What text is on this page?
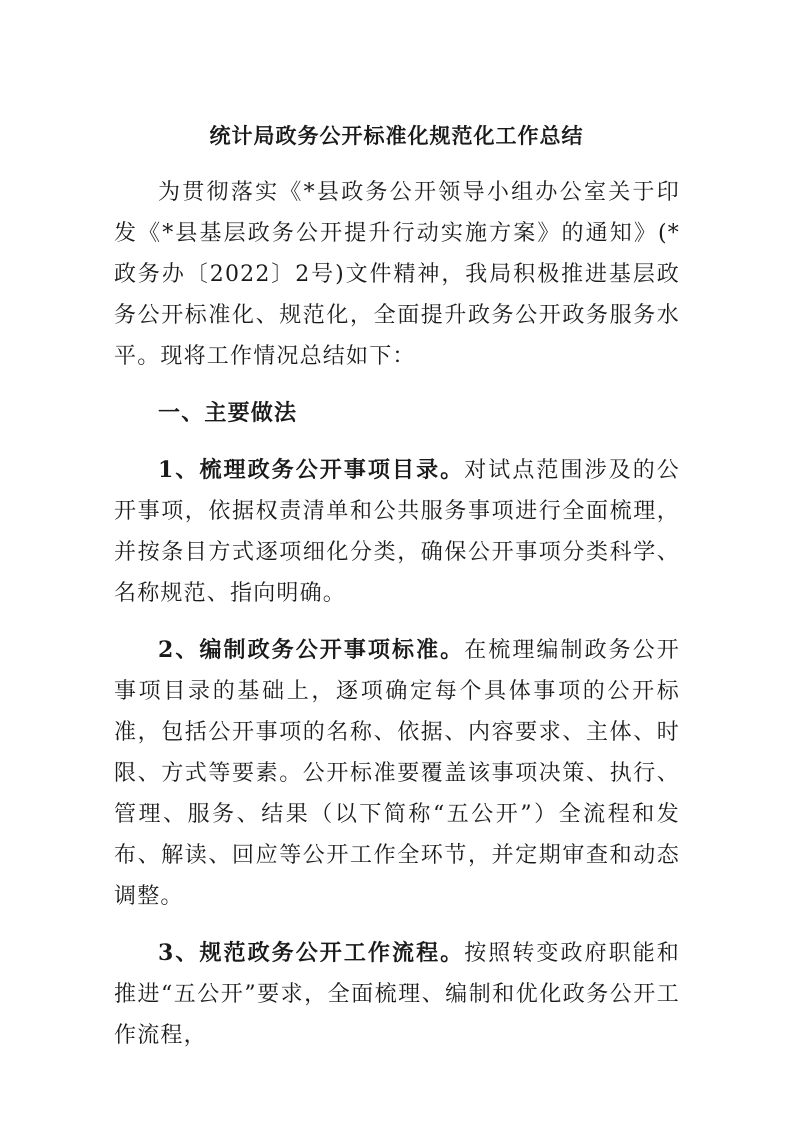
统计局政务公开标准化规范化工作总结

为贯彻落实《*县政务公开领导小组办公室关于印发《*县基层政务公开提升行动实施方案》的通知》(*政务办〔2022〕2号)文件精神，我局积极推进基层政务公开标准化、规范化，全面提升政务公开政务服务水平。现将工作情况总结如下：

一、主要做法

1、梳理政务公开事项目录。对试点范围涉及的公开事项，依据权责清单和公共服务事项进行全面梳理，并按条目方式逐项细化分类，确保公开事项分类科学、名称规范、指向明确。

2、编制政务公开事项标准。在梳理编制政务公开事项目录的基础上，逐项确定每个具体事项的公开标准，包括公开事项的名称、依据、内容要求、主体、时限、方式等要素。公开标准要覆盖该事项决策、执行、管理、服务、结果（以下简称“五公开”）全流程和发布、解读、回应等公开工作全环节，并定期审查和动态调整。

3、规范政务公开工作流程。按照转变政府职能和推进“五公开”要求，全面梳理、编制和优化政务公开工作流程，
